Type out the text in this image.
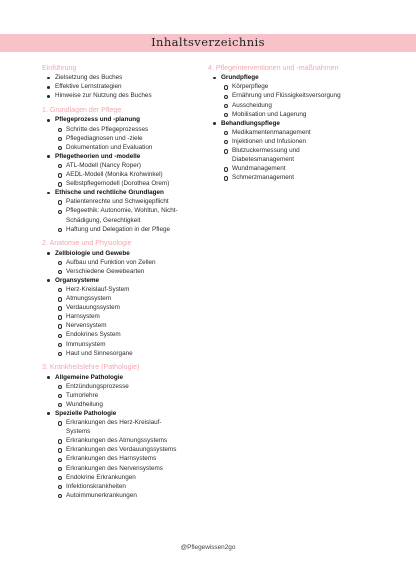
Inhaltsverzeichnis
Einführung
Zielsetzung des Buches
Effektive Lernstrategien
Hinweise zur Nutzung des Buches
1. Grundlagen der Pflege
Pflegeprozess und -planung
Schritte des Pflegeprozesses
Pflegediagnosen und -ziele
Dokumentation und Evaluation
Pflegetheorien und -modelle
ATL-Modell (Nancy Roper)
AEDL-Modell (Monika Krohwinkel)
Selbstpflegemodell (Dorothea Orem)
Ethische und rechtliche Grundlagen
Patientenrechte und Schweigepflicht
Pflegeethik: Autonomie, Wohltun, Nicht-
Schädigung, Gerechtigkeit
Haftung und Delegation in der Pflege
2. Anatomie und Physiologie
Zellbiologie und Gewebe
Aufbau und Funktion von Zellen
Verschiedene Gewebearten
Organsysteme
Herz-Kreislauf-System
Atmungssystem
Verdauungssystem
Harnsystem
Nervensystem
Endokrines System
Immunsystem
Haut und Sinnesorgane
3. Krankheitslehre (Pathologie)
Allgemeine Pathologie
Entzündungsprozesse
Tumorlehre
Wundheilung
Spezielle Pathologie
Erkrankungen des Herz-Kreislauf-
Systems
Erkrankungen des Atmungssystems
Erkrankungen des Verdauungssystems
Erkrankungen des Harnsystems
Erkrankungen des Nervensystems
Endokrine Erkrankungen
Infektionskrankheiten
Autoimmunerkrankungen
4. Pflegeinterventionen und -maßnahmen
Grundpflege
Körperpflege
Ernährung und Flüssigkeitsversorgung
Ausscheidung
Mobilisation und Lagerung
Behandlungspflege
Medikamentenmanagement
Injektionen und Infusionen
Blutzuckermessung und
Diabetesmanagement
Wundmanagement
Schmerzmanagement
@Pflegewissen2go
